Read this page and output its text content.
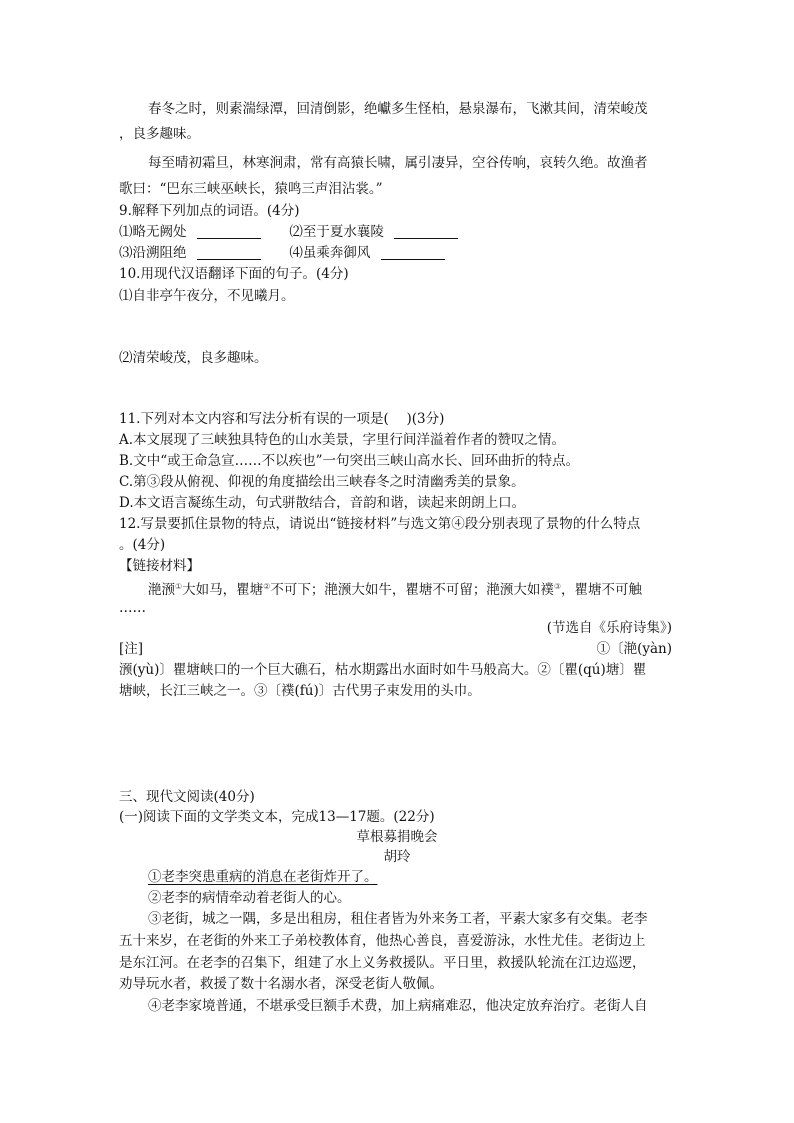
春冬之时，则素湍绿潭，回清倒影，绝巘多生怪柏，悬泉瀑布，飞漱其间，清荣峻茂
，良多趣味。
每至晴初霜旦，林寒涧肃，常有高猿长啸，属引凄异，空谷传响，哀转久绝。故渔者
歌曰：“巴东三峡巫峡长，猿鸣三声泪沾裳。”
9.解释下列加点的词语。(4分)
⑴略无阙处	⑵至于夏水襄陵
⑶沿溯阻绝	⑷虽乘奔御风
10.用现代汉语翻译下面的句子。(4分)
⑴自非亭午夜分，不见曦月。
⑵清荣峻茂，良多趣味。
11.下列对本文内容和写法分析有误的一项是(　 )(3分)
A.本文展现了三峡独具特色的山水美景，字里行间洋溢着作者的赞叹之情。
B.文中“或王命急宣……不以疾也”一句突出三峡山高水长、回环曲折的特点。
C.第③段从俯视、仰视的角度描绘出三峡春冬之时清幽秀美的景象。
D.本文语言凝练生动，句式骈散结合，音韵和谐，读起来朗朗上口。
12.写景要抓住景物的特点，请说出“链接材料”与选文第④段分别表现了景物的什么特点
。(4分)
【链接材料】
滟滪①大如马，瞿塘②不可下；滟滪大如牛，瞿塘不可留；滟滪大如襆③，瞿塘不可触
……
(节选自《乐府诗集》)
[注]	①〔滟(yàn)
滪(yù)〕瞿塘峡口的一个巨大礁石，枯水期露出水面时如牛马般高大。②〔瞿(qú)塘〕瞿
塘峡，长江三峡之一。③〔襆(fú)〕古代男子束发用的头巾。
三、现代文阅读(40分)
(一)阅读下面的文学类文本，完成13—17题。(22分)
草根募捐晚会
胡玲
①老李突患重病的消息在老街炸开了。
②老李的病情牵动着老街人的心。
③老街，城之一隅，多是出租房，租住者皆为外来务工者，平素大家多有交集。老李
五十来岁，在老街的外来工子弟校教体育，他热心善良，喜爱游泳，水性尤佳。老街边上
是东江河。在老李的召集下，组建了水上义务救援队。平日里，救援队轮流在江边巡逻，
劝导玩水者，救援了数十名溺水者，深受老街人敬佩。
④老李家境普通，不堪承受巨额手术费，加上病痛难忍，他决定放弃治疗。老街人自
